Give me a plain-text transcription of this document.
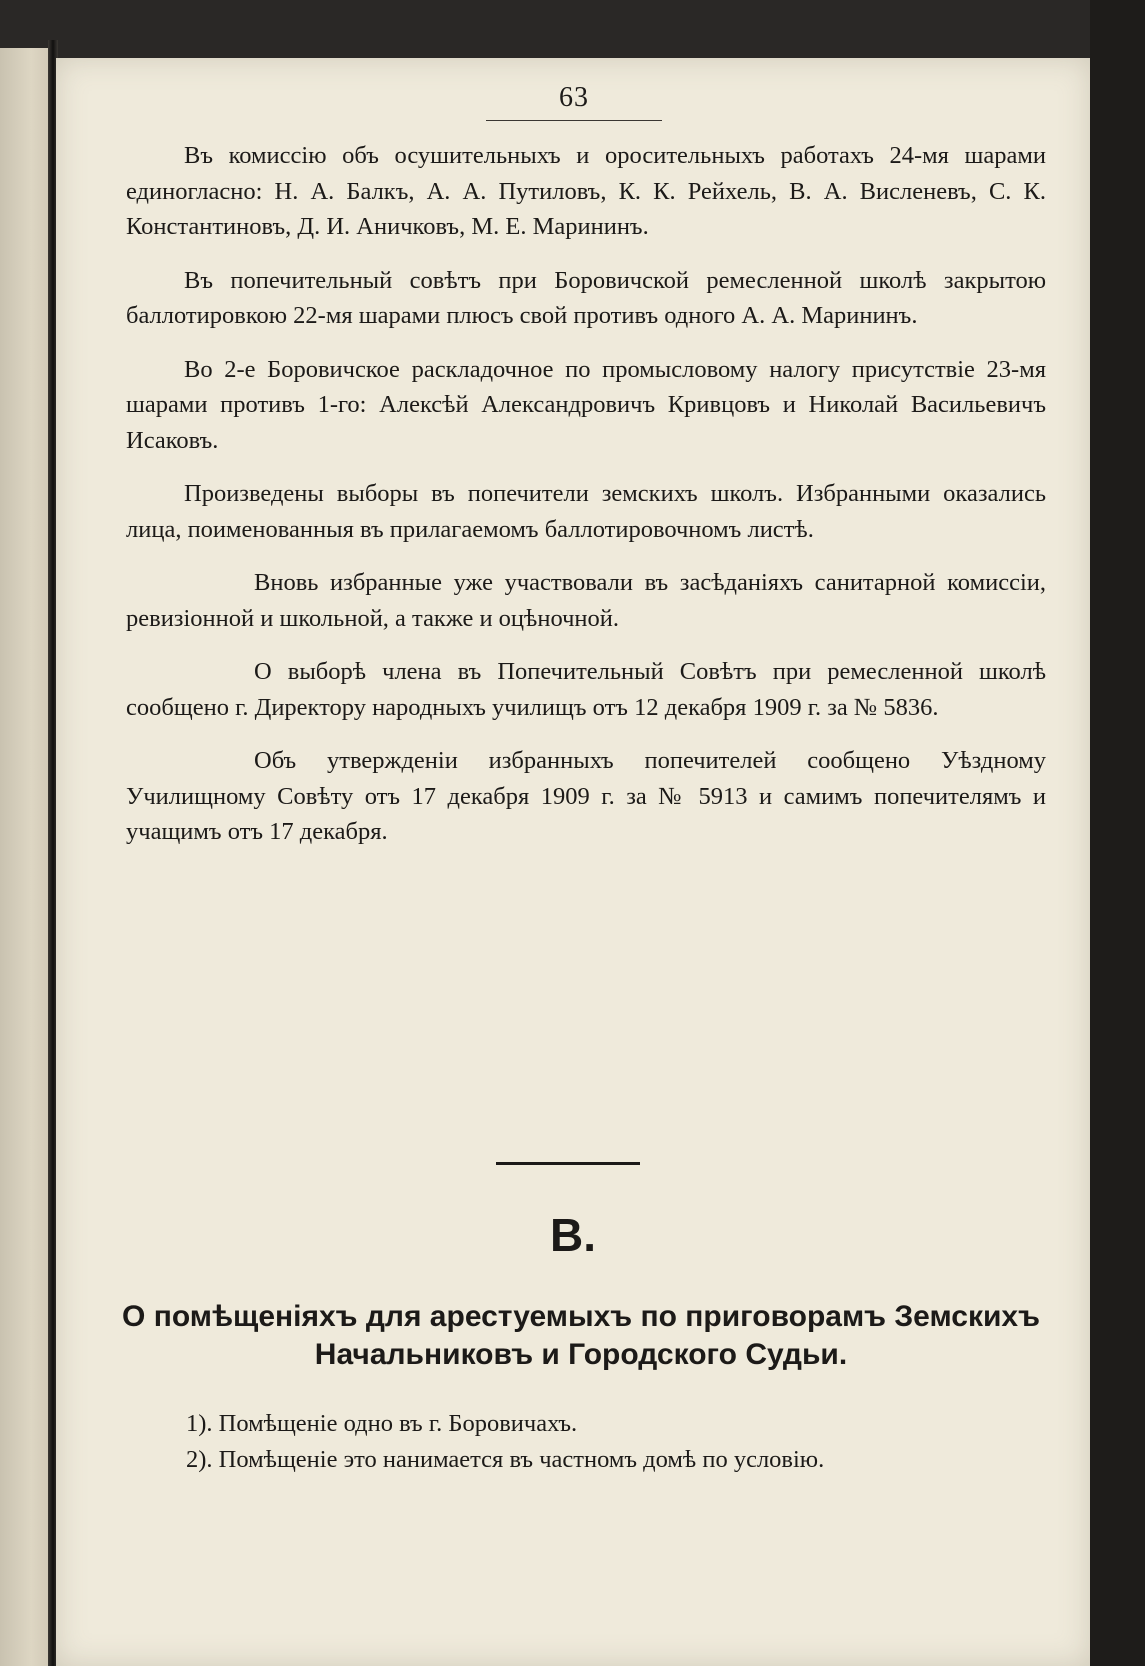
63

Въ комиссію объ осушительныхъ и оросительныхъ работахъ 24-мя шарами единогласно: Н. А. Балкъ, А. А. Путиловъ, К. К. Рейхель, В. А. Висленевъ, С. К. Константиновъ, Д. И. Аничковъ, М. Е. Марининъ.

Въ попечительный совѣтъ при Боровичской ремесленной школѣ закрытою баллотировкою 22-мя шарами плюсъ свой противъ одного А. А. Марининъ.

Во 2-е Боровичское раскладочное по промысловому налогу присутствіе 23-мя шарами противъ 1-го: Алексѣй Александровичъ Кривцовъ и Николай Васильевичъ Исаковъ.

Произведены выборы въ попечители земскихъ школъ. Избранными оказались лица, поименованныя въ прилагаемомъ баллотировочномъ листѣ.

Вновь избранные уже участвовали въ засѣданіяхъ санитарной комиссіи, ревизіонной и школьной, а также и оцѣночной.

О выборѣ члена въ Попечительный Совѣтъ при ремесленной школѣ сообщено г. Директору народныхъ училищъ отъ 12 декабря 1909 г. за № 5836.

Объ утвержденіи избранныхъ попечителей сообщено Уѣздному Училищному Совѣту отъ 17 декабря 1909 г. за № 5913 и самимъ попечителямъ и учащимъ отъ 17 декабря.

В.
О помѣщеніяхъ для арестуемыхъ по приговорамъ Земскихъ Начальниковъ и Городского Судьи.
1). Помѣщеніе одно въ г. Боровичахъ.
2). Помѣщеніе это нанимается въ частномъ домѣ по условію.
